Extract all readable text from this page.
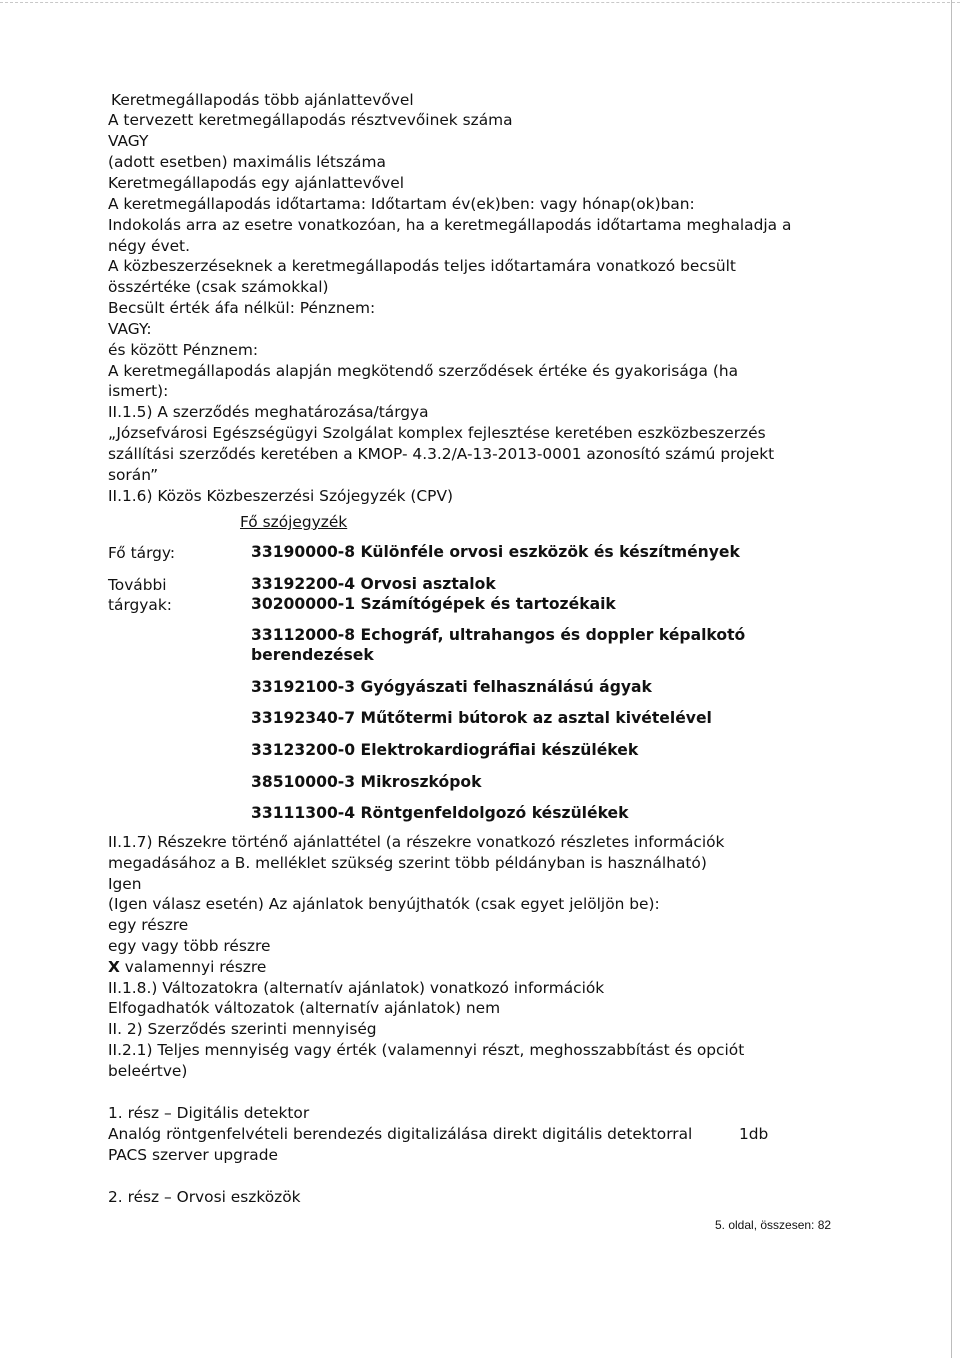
Keretmegállapodás több ajánlattevővel
A tervezett keretmegállapodás résztvevőinek száma
VAGY
(adott esetben) maximális létszáma
Keretmegállapodás egy ajánlattevővel
A keretmegállapodás időtartama: Időtartam év(ek)ben: vagy hónap(ok)ban:
Indokolás arra az esetre vonatkozóan, ha a keretmegállapodás időtartama meghaladja a
négy évet.
A közbeszerzéseknek a keretmegállapodás teljes időtartamára vonatkozó becsült
összértéke (csak számokkal)
Becsült érték áfa nélkül: Pénznem:
VAGY:
és között Pénznem:
A keretmegállapodás alapján megkötendő szerződések értéke és gyakorisága (ha
ismert):
II.1.5) A szerződés meghatározása/tárgya
„Józsefvárosi Egészségügyi Szolgálat komplex fejlesztése keretében eszközbeszerzés
szállítási szerződés keretében a KMOP- 4.3.2/A-13-2013-0001 azonosító számú projekt
során”
II.1.6) Közös Közbeszerzési Szójegyzék (CPV)
Fő szójegyzék
Fő tárgy:	33190000-8 Különféle orvosi eszközök és készítmények
További
tárgyak:
33192200-4 Orvosi asztalok
30200000-1 Számítógépek és tartozékaik
33112000-8 Echográf, ultrahangos és doppler képalkotó
berendezések
33192100-3 Gyógyászati felhasználású ágyak
33192340-7 Műtőtermi bútorok az asztal kivételével
33123200-0 Elektrokardiográfiai készülékek
38510000-3 Mikroszkópok
33111300-4 Röntgenfeldolgozó készülékek
II.1.7) Részekre történő ajánlattétel (a részekre vonatkozó részletes információk
megadásához a B. melléklet szükség szerint több példányban is használható)
Igen
(Igen válasz esetén) Az ajánlatok benyújthatók (csak egyet jelöljön be):
egy részre
egy vagy több részre
X valamennyi részre
II.1.8.) Változatokra (alternatív ajánlatok) vonatkozó információk
Elfogadhatók változatok (alternatív ajánlatok) nem
II. 2) Szerződés szerinti mennyiség
II.2.1) Teljes mennyiség vagy érték (valamennyi részt, meghosszabbítást és opciót
beleértve)
1. rész – Digitális detektor
Analóg röntgenfelvételi berendezés digitalizálása direkt digitális detektorral	1db
PACS szerver upgrade
2. rész – Orvosi eszközök
5. oldal, összesen: 82
